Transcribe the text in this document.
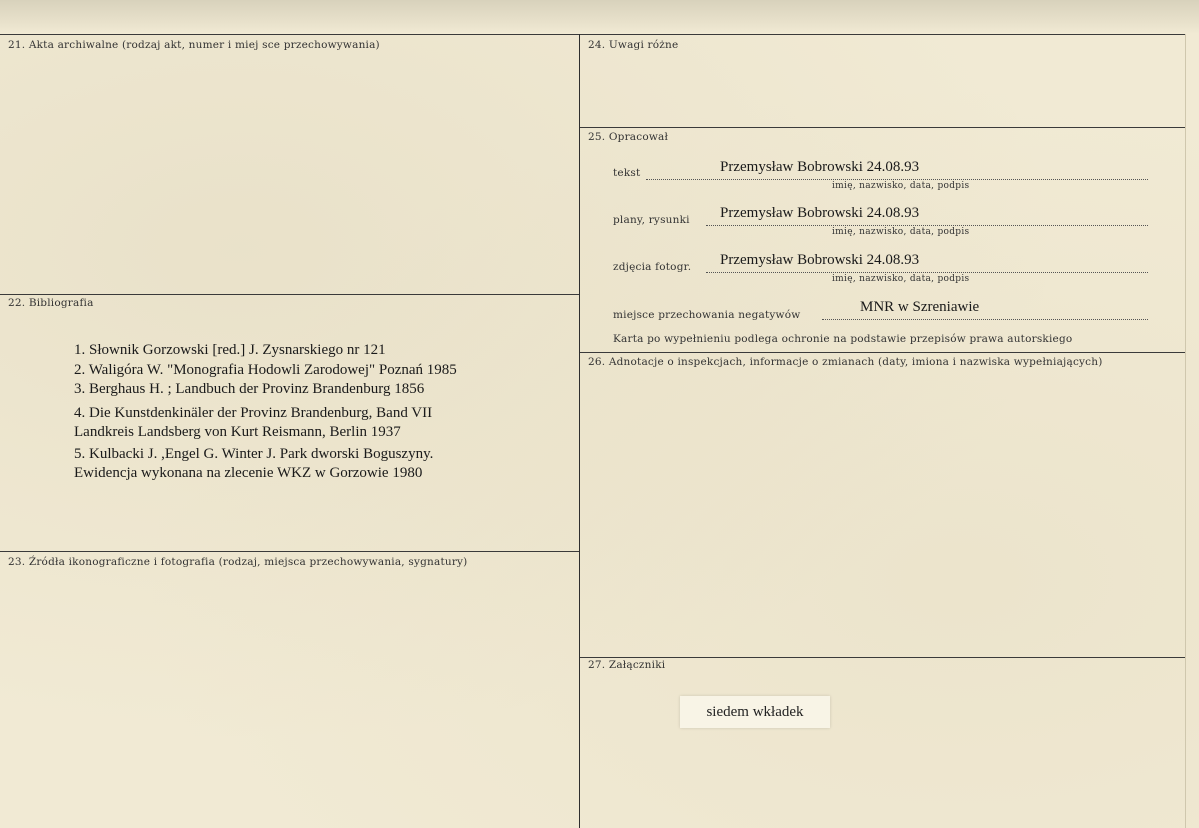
21. Akta archiwalne (rodzaj akt, numer i miej sce przechowywania)
22. Bibliografia
23. Źródła ikonograficzne i fotografia (rodzaj, miejsca przechowywania, sygnatury)
24. Uwagi różne
25. Opracował
26. Adnotacje o inspekcjach, informacje o zmianach (daty, imiona i nazwiska wypełniających)
27. Załączniki
1. Słownik Gorzowski [red.] J. Zysnarskiego nr 121
2. Waligóra W. "Monografia Hodowli Zarodowej" Poznań 1985
3. Berghaus H. ; Landbuch der Provinz Brandenburg 1856
4. Die Kunstdenkinäler der Provinz Brandenburg, Band VII
Landkreis Landsberg von Kurt Reismann, Berlin 1937
5. Kulbacki J. ,Engel G. Winter J. Park dworski Boguszyny.
Ewidencja wykonana na zlecenie WKZ w Gorzowie 1980
tekst	Przemysław Bobrowski 24.08.93
imię, nazwisko, data, podpis
plany, rysunki Przemysław Bobrowski 24.08.93
imię, nazwisko, data, podpis
zdjęcia fotogr. Przemysław Bobrowski 24.08.93
imię, nazwisko, data, podpis
miejsce przechowania negatywów	MNR w Szreniawie
Karta po wypełnieniu podlega ochronie na podstawie przepisów prawa autorskiego
siedem wkładek
